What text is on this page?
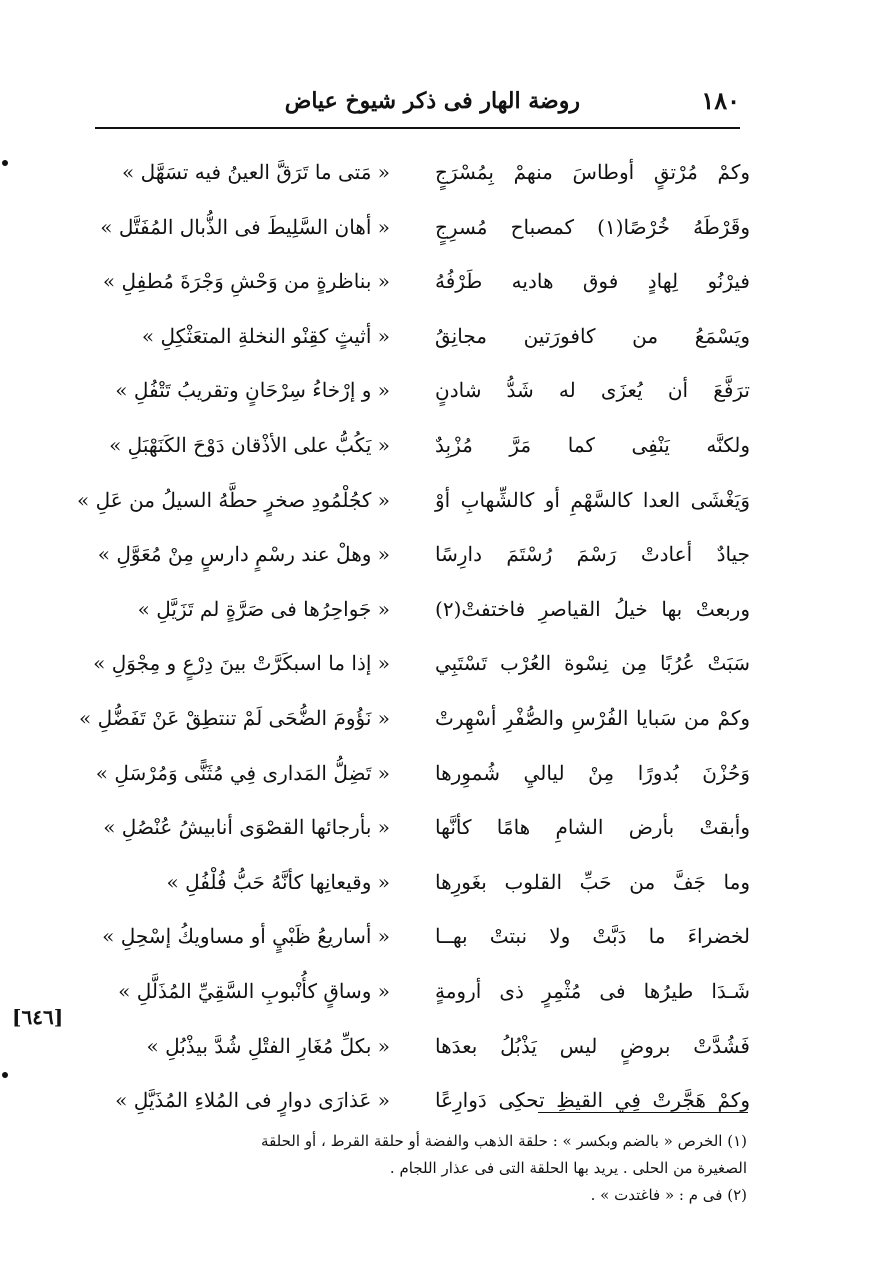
١٨٠
روضة الهار فى ذكر شيوخ عياض
وكمْ مُرْتقٍ أوطاسَ منهمْ بِمُسْرَجٍ
« مَتى ما تَرَقَّ العينُ فيه تسَهَّل »
وقَرْطَهُ خُرْصًا(١) كمصباح مُسرِجٍ
« أهان السَّلِيطَ فى الذُّبال المُفَتَّل »
فيرْنُو لِهادٍ فوق هاديه طَرْفُهُ
« بناظرةٍ من وَحْشِ وَجْرَةَ مُطفِلِ »
ويَسْمَعُ من كافورَتين مجانِقُ
« أثيثٍ كقِنْو النخلةِ المتعَثْكِلِ »
ترَفَّعَ أن يُعزَى له شَدُّ شادنٍ
« و إرْخاءُ سِرْحَانٍ وتقريبُ تَتْفُلِ »
ولكنَّه يَنْفِى كما مَرَّ مُزْبِدٌ
« يَكُبُّ على الأذْقان دَوْحَ الكَنَهْبَلِ »
وَيَغْشَى العدا كالسَّهْمِ أو كالشِّهابِ أوْ
« كجُلْمُودِ صخرٍ حطَّهُ السيلُ من عَلِ »
جيادٌ أعادتْ رَسْمَ رُسْتَمَ دارِسًا
« وهلْ عند رسْمٍ دارسٍ مِنْ مُعَوَّلِ »
وربعتْ بها خيلُ القياصرِ فاختفتْ(٢)
« جَواحِرُها فى صَرَّةٍ لم تَزَيَّلِ »
سَبَتْ عُرُبًا مِن نِسْوة العُرْب تَسْتَبِي
« إذا ما اسبكَرَّتْ بينَ دِرْعٍ و مِجْوَلِ »
وكمْ من سَبايا الفُرْسِ والصُّفْرِ أسْهِرتْ
« نَؤُومَ الضُّحَى لَمْ تنتطِقْ عَنْ تَفَضُّلِ »
وَحُزْنَ بُدورًا مِنْ لياليِ شُموِرها
« تَضِلُّ المَدارى فِي مُثَنًّى وَمُرْسَلِ »
وأبقتْ بأرض الشامِ هامًا كأنَّها
« بأرجائها القصْوَى أنابيشُ عُنْصُلِ »
وما جَفَّ من حَبِّ القلوب بغَورِها
« وقيعانِها كأنَّهُ حَبُّ فُلْفُلِ »
لخضراءَ ما دَبَّتْ ولا نبتتْ بهــا
« أساريعُ ظَبْيٍ أو مساويكُ إسْحِلِ »
شَـدَا طيرُها فى مُثْمِرٍ ذى أرومةٍ
« وساقٍ كأُنْبوبِ السَّقِيِّ المُذَلَّلِ »
فَشُدَّتْ بروضٍ ليس يَذْبُلُ بعدَها
« بكلِّ مُغَارِ الفتْلِ شُدَّ بيذْبُلِ »
وكمْ هَجَّرتْ فِي القيظِ تحكِى دَوارِعًا
« عَذارَى دوارٍ فى المُلاءِ المُذَيَّلِ »
[٦٤٦]
(١) الخرص « بالضم وبكسر » : حلقة الذهب والفضة أو حلقة القرط ، أو الحلقة
الصغيرة من الحلى . يريد بها الحلقة التى فى عذار اللجام .
(٢) فى م : « فاغتدت » .
